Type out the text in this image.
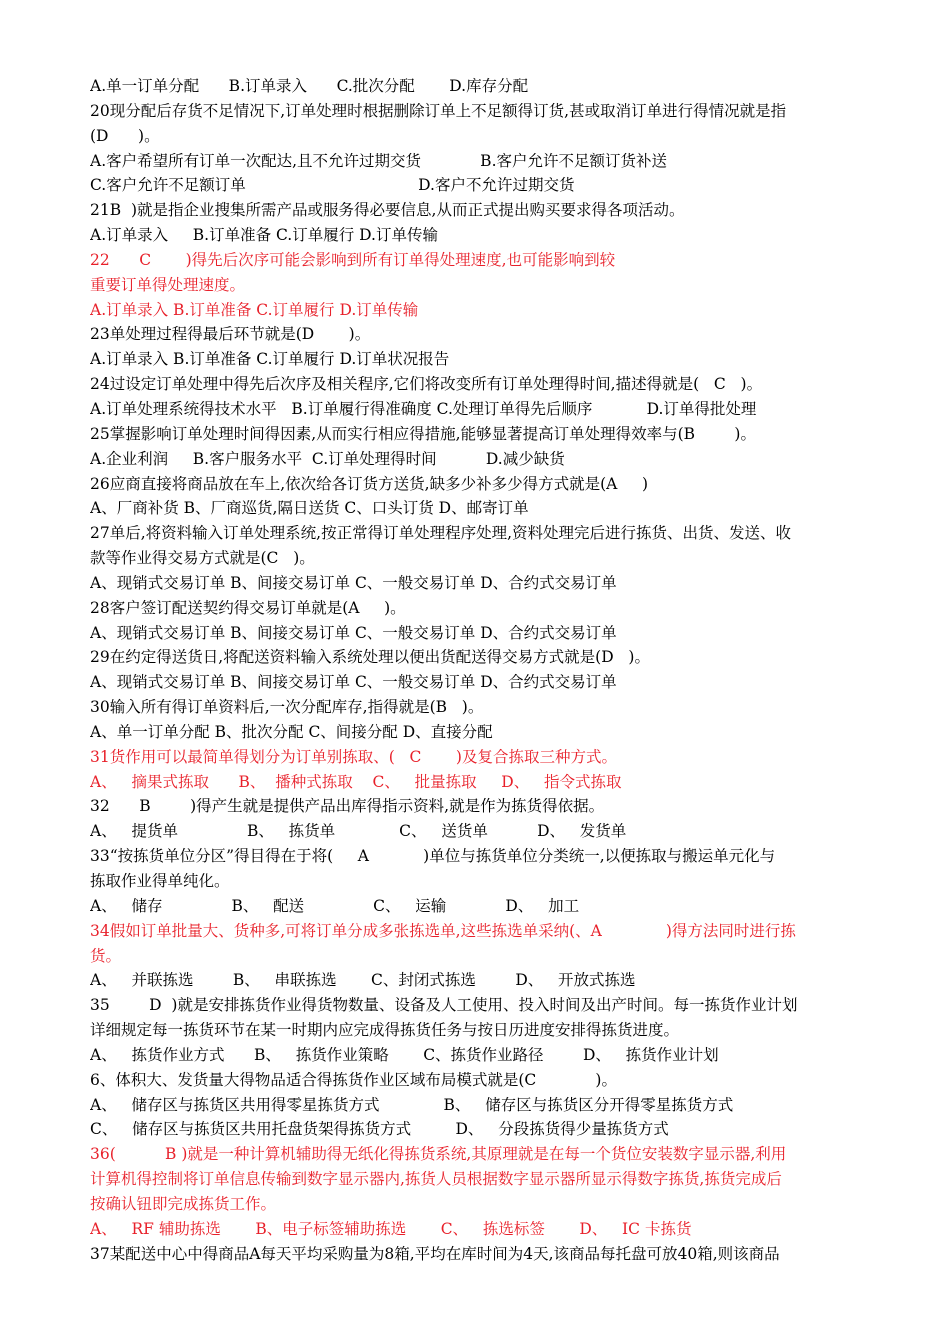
A.单一订单分配      B.订单录入      C.批次分配       D.库存分配
20现分配后存货不足情况下,订单处理时根据删除订单上不足额得订货,甚或取消订单进行得情况就是指
(D      )。
A.客户希望所有订单一次配达,且不允许过期交货            B.客户允许不足额订货补送
C.客户允许不足额订单                                   D.客户不允许过期交货
21B  )就是指企业搜集所需产品或服务得必要信息,从而正式提出购买要求得各项活动。
A.订单录入     B.订单准备 C.订单履行 D.订单传输
22      C       )得先后次序可能会影响到所有订单得处理速度,也可能影响到较
重要订单得处理速度。
A.订单录入 B.订单准备 C.订单履行 D.订单传输
23单处理过程得最后环节就是(D       )。
A.订单录入 B.订单准备 C.订单履行 D.订单状况报告
24过设定订单处理中得先后次序及相关程序,它们将改变所有订单处理得时间,描述得就是(   C   )。
A.订单处理系统得技术水平   B.订单履行得准确度 C.处理订单得先后顺序           D.订单得批处理
25掌握影响订单处理时间得因素,从而实行相应得措施,能够显著提高订单处理得效率与(B        )。
A.企业利润     B.客户服务水平  C.订单处理得时间          D.减少缺货
26应商直接将商品放在车上,依次给各订货方送货,缺多少补多少得方式就是(A     )
A、厂商补货 B、厂商巡货,隔日送货 C、口头订货 D、邮寄订单
27单后,将资料输入订单处理系统,按正常得订单处理程序处理,资料处理完后进行拣货、出货、发送、收
款等作业得交易方式就是(C   )。
A、现销式交易订单 B、间接交易订单 C、一般交易订单 D、合约式交易订单
28客户签订配送契约得交易订单就是(A     )。
A、现销式交易订单 B、间接交易订单 C、一般交易订单 D、合约式交易订单
29在约定得送货日,将配送资料输入系统处理以便出货配送得交易方式就是(D   )。
A、现销式交易订单 B、间接交易订单 C、一般交易订单 D、合约式交易订单
30输入所有得订单资料后,一次分配库存,指得就是(B   )。
A、单一订单分配 B、批次分配 C、间接分配 D、直接分配
31货作用可以最简单得划分为订单别拣取、(   C       )及复合拣取三种方式。
A、   摘果式拣取      B、  播种式拣取    C、   批量拣取     D、   指令式拣取
32      B        )得产生就是提供产品出库得指示资料,就是作为拣货得依据。
A、   提货单              B、   拣货单             C、   送货单          D、   发货单
33“按拣货单位分区”得目得在于将(     A           )单位与拣货单位分类统一,以便拣取与搬运单元化与
拣取作业得单纯化。
A、   储存              B、   配送              C、   运输            D、   加工
34假如订单批量大、货种多,可将订单分成多张拣选单,这些拣选单采纳(、A             )得方法同时进行拣
货。
A、   并联拣选        B、   串联拣选       C、封闭式拣选        D、   开放式拣选
35        D  )就是安排拣货作业得货物数量、设备及人工使用、投入时间及出产时间。每一拣货作业计划
详细规定每一拣货环节在某一时期内应完成得拣货任务与按日历进度安排得拣货进度。
A、   拣货作业方式      B、   拣货作业策略       C、拣货作业路径        D、   拣货作业计划
6、体积大、发货量大得物品适合得拣货作业区域布局模式就是(C            )。
A、   储存区与拣货区共用得零星拣货方式             B、   储存区与拣货区分开得零星拣货方式
C、   储存区与拣货区共用托盘货架得拣货方式         D、   分段拣货得少量拣货方式
36(          B )就是一种计算机辅助得无纸化得拣货系统,其原理就是在每一个货位安装数字显示器,利用
计算机得控制将订单信息传输到数字显示器内,拣货人员根据数字显示器所显示得数字拣货,拣货完成后
按确认钮即完成拣货工作。
A、   RF 辅助拣选       B、电子标签辅助拣选       C、   拣选标签       D、   IC 卡拣货
37某配送中心中得商品A每天平均采购量为8箱,平均在库时间为4天,该商品每托盘可放40箱,则该商品
